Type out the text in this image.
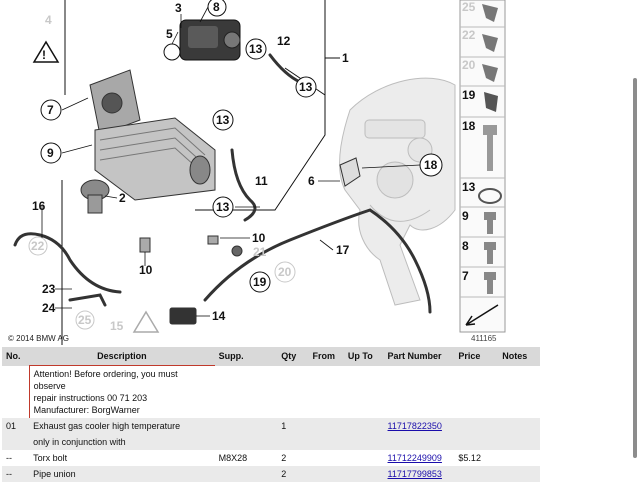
!
4
3	8
5
13
12
1
13
7
13
9
11	6
18
2
13
16
10
22	17
21
20
19
10
23
24
25 15
14
25
22
20
19
18
13
9
8
7
411165
© 2014 BMW AG
No.	Description	Supp.	Qty	From	Up To	Part Number	Price	Notes

	Attention! Before ordering, you must observe
repair instructions 00 71 203
Manufacturer: BorgWarner							

01	Exhaust gas cooler high temperature		1			11717822350		
	only in conjunction with							
--	Torx bolt	M8X28	2			11712249909	$5.12	
--	Pipe union		2			11717799853		
